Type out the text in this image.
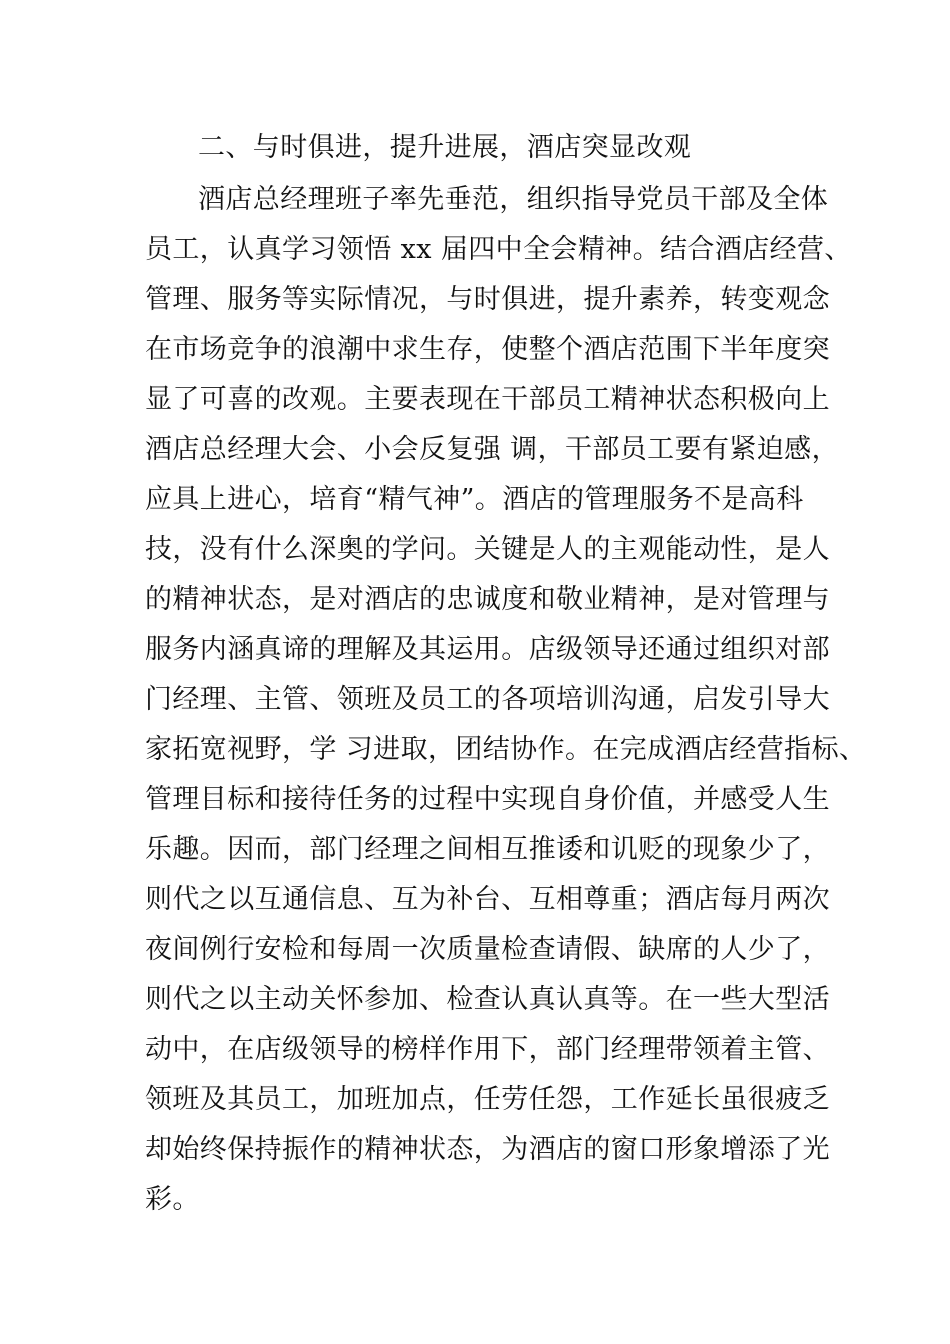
二、与时俱进，提升进展，酒店突显改观
酒店总经理班子率先垂范，组织指导党员干部及全体
员工，认真学习领悟 xx 届四中全会精神。结合酒店经营、
管理、服务等实际情况，与时俱进，提升素养，转变观念
在市场竞争的浪潮中求生存，使整个酒店范围下半年度突
显了可喜的改观。主要表现在干部员工精神状态积极向上
酒店总经理大会、小会反复强 调，干部员工要有紧迫感，
应具上进心，培育“精气神”。酒店的管理服务不是高科
技，没有什么深奥的学问。关键是人的主观能动性，是人
的精神状态，是对酒店的忠诚度和敬业精神，是对管理与
服务内涵真谛的理解及其运用。店级领导还通过组织对部
门经理、主管、领班及员工的各项培训沟通，启发引导大
家拓宽视野，学 习进取，团结协作。在完成酒店经营指标、
管理目标和接待任务的过程中实现自身价值，并感受人生
乐趣。因而，部门经理之间相互推诿和讥贬的现象少了，
则代之以互通信息、互为补台、互相尊重；酒店每月两次
夜间例行安检和每周一次质量检查请假、缺席的人少了，
则代之以主动关怀参加、检查认真认真等。在一些大型活
动中，在店级领导的榜样作用下，部门经理带领着主管、
领班及其员工，加班加点，任劳任怨，工作延长虽很疲乏
却始终保持振作的精神状态，为酒店的窗口形象增添了光
彩。
